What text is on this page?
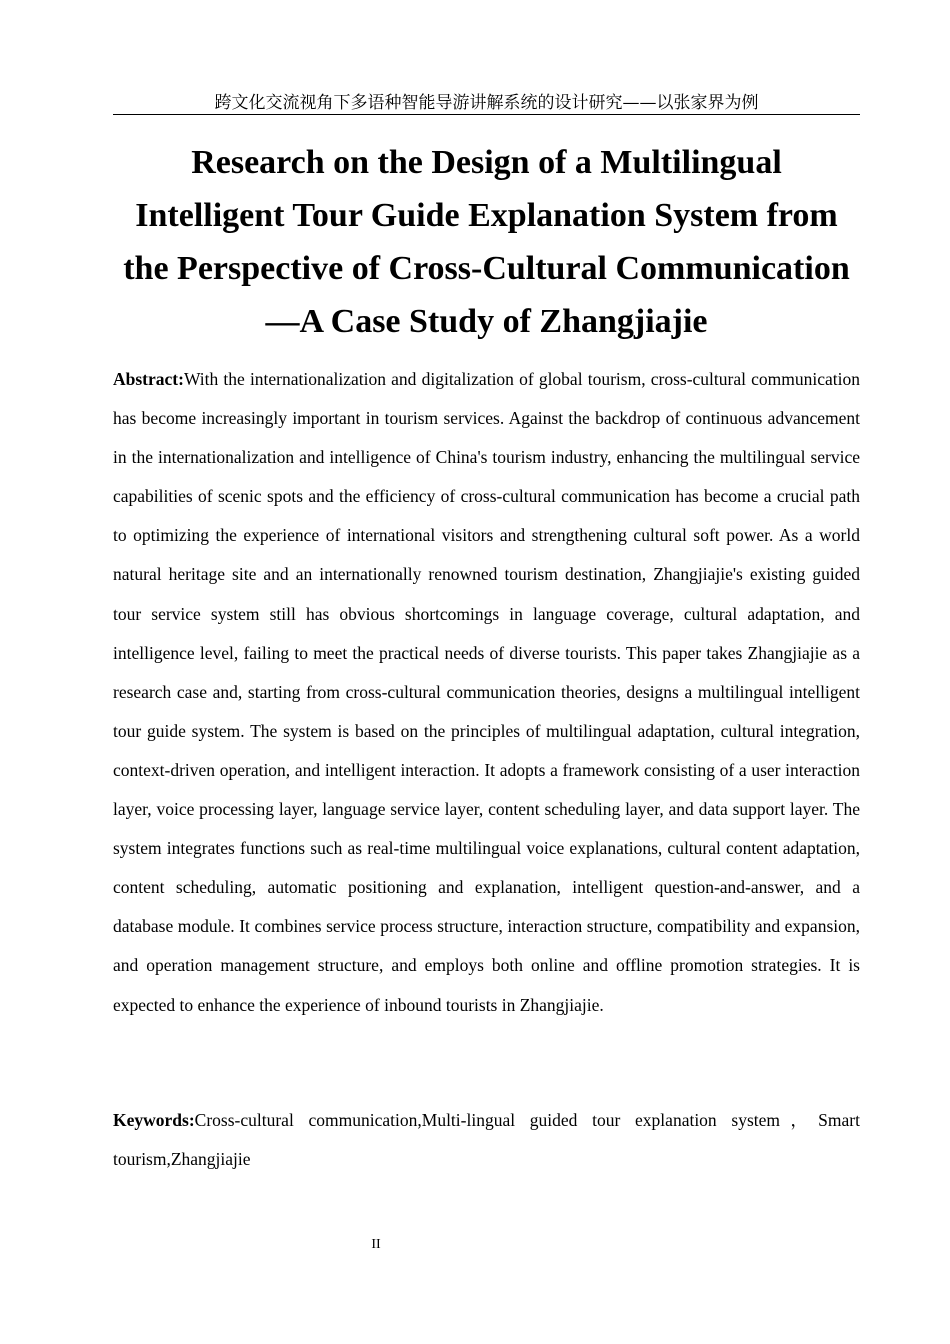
跨文化交流视角下多语种智能导游讲解系统的设计研究——以张家界为例
Research on the Design of a Multilingual Intelligent Tour Guide Explanation System from the Perspective of Cross-Cultural Communication—A Case Study of Zhangjiajie

Abstract:With the internationalization and digitalization of global tourism, cross-cultural communication has become increasingly important in tourism services. Against the backdrop of continuous advancement in the internationalization and intelligence of China's tourism industry, enhancing the multilingual service capabilities of scenic spots and the efficiency of cross-cultural communication has become a crucial path to optimizing the experience of international visitors and strengthening cultural soft power. As a world natural heritage site and an internationally renowned tourism destination, Zhangjiajie's existing guided tour service system still has obvious shortcomings in language coverage, cultural adaptation, and intelligence level, failing to meet the practical needs of diverse tourists. This paper takes Zhangjiajie as a research case and, starting from cross-cultural communication theories, designs a multilingual intelligent tour guide system. The system is based on the principles of multilingual adaptation, cultural integration, context-driven operation, and intelligent interaction. It adopts a framework consisting of a user interaction layer, voice processing layer, language service layer, content scheduling layer, and data support layer. The system integrates functions such as real-time multilingual voice explanations, cultural content adaptation, content scheduling, automatic positioning and explanation, intelligent question-and-answer, and a database module. It combines service process structure, interaction structure, compatibility and expansion, and operation management structure, and employs both online and offline promotion strategies. It is expected to enhance the experience of inbound tourists in Zhangjiajie.

Keywords:Cross-cultural communication,Multi-lingual guided tour explanation system，Smart tourism,Zhangjiajie

II
